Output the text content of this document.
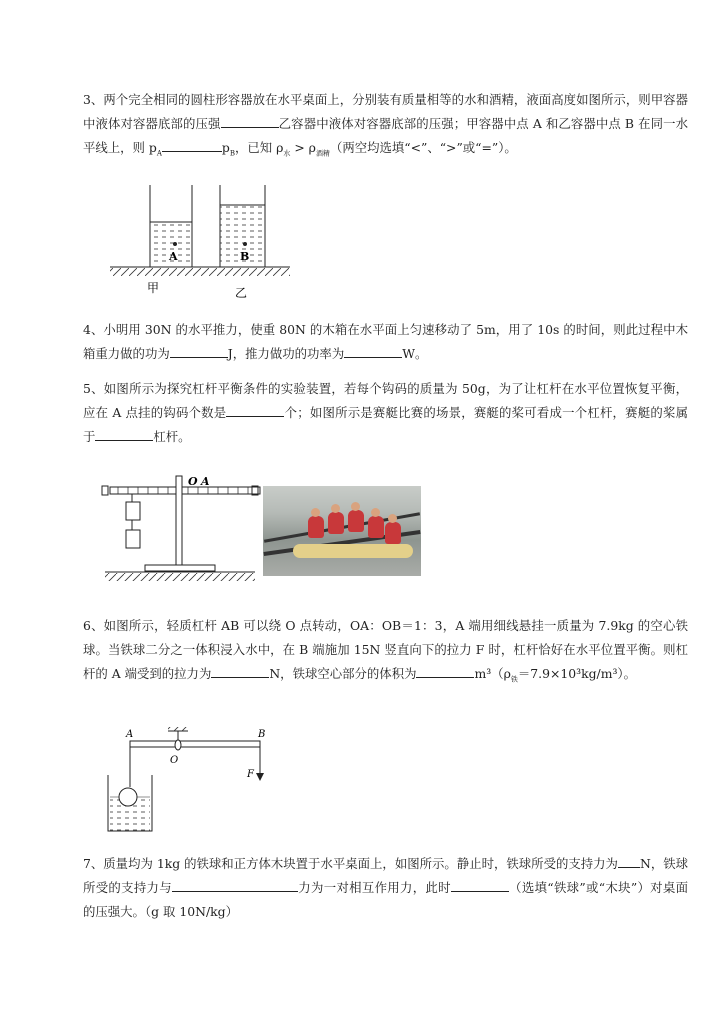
3、两个完全相同的圆柱形容器放在水平桌面上，分别装有质量相等的水和酒精，液面高度如图所示，则甲容器中液体对容器底部的压强	乙容器中液体对容器底部的压强；甲容器中点 A 和乙容器中点 B 在同一水平线上，则 $p_A$	$p_B$，已知 $\rho_水 > \rho_{酒精}$（两空均选填“<”、“>”或“=”）。
A	B
甲	乙
4、小明用 30N 的水平推力，使重 80N 的木箱在水平面上匀速移动了 5m，用了 10s 的时间，则此过程中木箱重力做的功为	J，推力做功的功率为	W。
5、如图所示为探究杠杆平衡条件的实验装置，若每个钩码的质量为 50g，为了让杠杆在水平位置恢复平衡，应在 A 点挂的钩码个数是	个；如图所示是赛艇比赛的场景，赛艇的桨可看成一个杠杆，赛艇的桨属于	杠杆。
O A
6、如图所示，轻质杠杆 AB 可以绕 O 点转动，OA：OB＝1：3，A 端用细线悬挂一质量为 7.9kg 的空心铁球。当铁球二分之一体积浸入水中，在 B 端施加 15N 竖直向下的拉力 F 时，杠杆恰好在水平位置平衡。则杠杆的 A 端受到的拉力为	N，铁球空心部分的体积为	$m^3(\rho_铁=7.9\times 10^3kg/m^3)$。
A	B
O
F
7、质量均为 1kg 的铁球和正方体木块置于水平桌面上，如图所示。静止时，铁球所受的支持力为 N，铁球所受的支持力与	力为一对相互作用力，此时	（选填“铁球”或“木块”）对桌面的压强大。（g 取 10N/kg）
